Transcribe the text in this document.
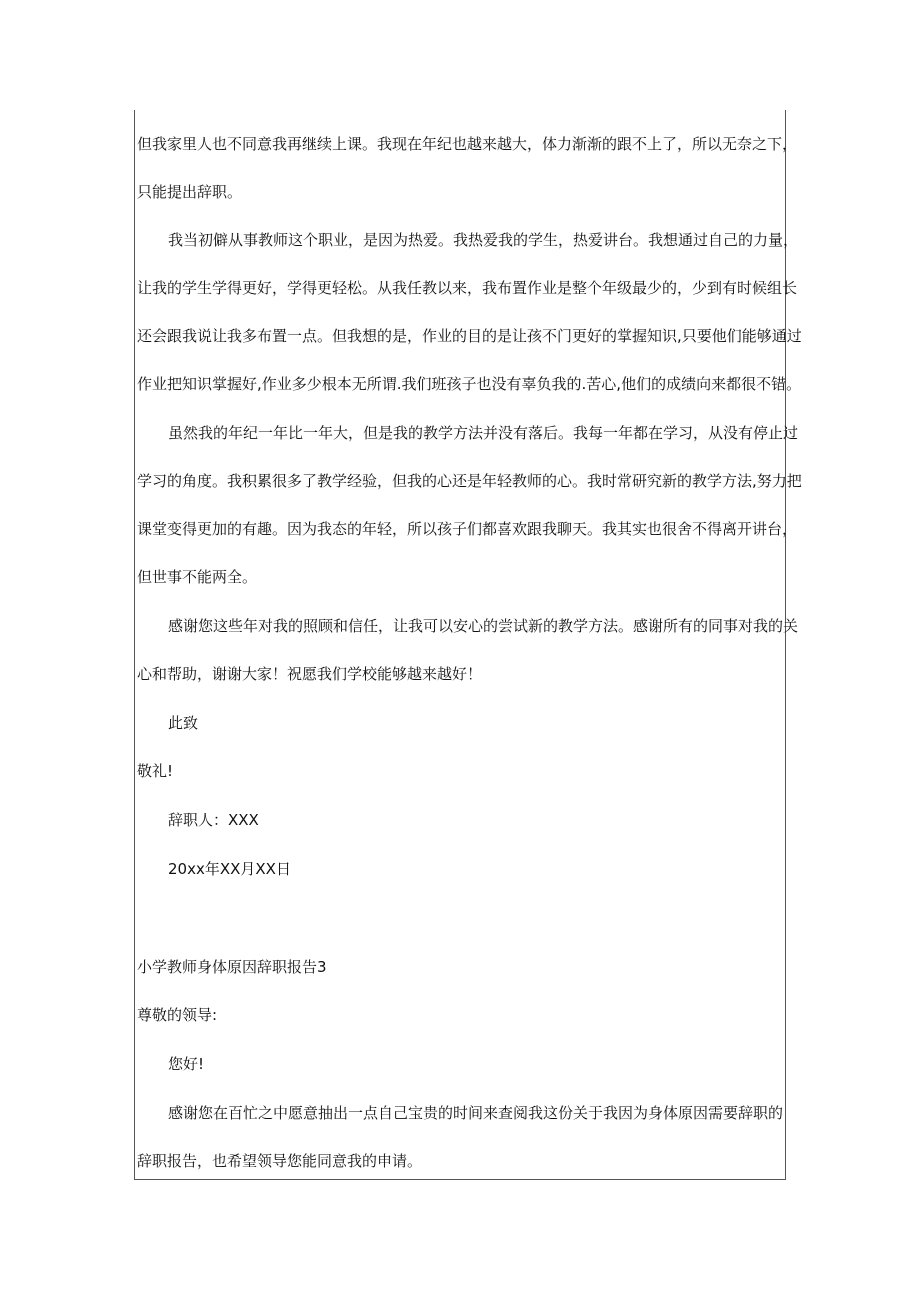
但我家里人也不同意我再继续上课。我现在年纪也越来越大，体力渐渐的跟不上了，所以无奈之下，
只能提出辞职。
我当初僻从事教师这个职业，是因为热爱。我热爱我的学生，热爱讲台。我想通过自己的力量，
让我的学生学得更好，学得更轻松。从我任教以来，我布置作业是整个年级最少的，少到有时候组长
还会跟我说让我多布置一点。但我想的是，作业的目的是让孩不门更好的掌握知识,只要他们能够通过
作业把知识掌握好,作业多少根本无所谓.我们班孩子也没有辜负我的.苦心,他们的成绩向来都很不错。
虽然我的年纪一年比一年大，但是我的教学方法并没有落后。我每一年都在学习，从没有停止过
学习的角度。我积累很多了教学经验，但我的心还是年轻教师的心。我时常研究新的教学方法,努力把
课堂变得更加的有趣。因为我态的年轻，所以孩子们都喜欢跟我聊天。我其实也很舍不得离开讲台，
但世事不能两全。
感谢您这些年对我的照顾和信任，让我可以安心的尝试新的教学方法。感谢所有的同事对我的关
心和帮助，谢谢大家！祝愿我们学校能够越来越好！
此致
敬礼!
辞职人：XXX
20xx年XX月XX日
小学教师身体原因辞职报告3
尊敬的领导:
您好!
感谢您在百忙之中愿意抽出一点自己宝贵的时间来查阅我这份关于我因为身体原因需要辞职的
辞职报告，也希望领导您能同意我的申请。
